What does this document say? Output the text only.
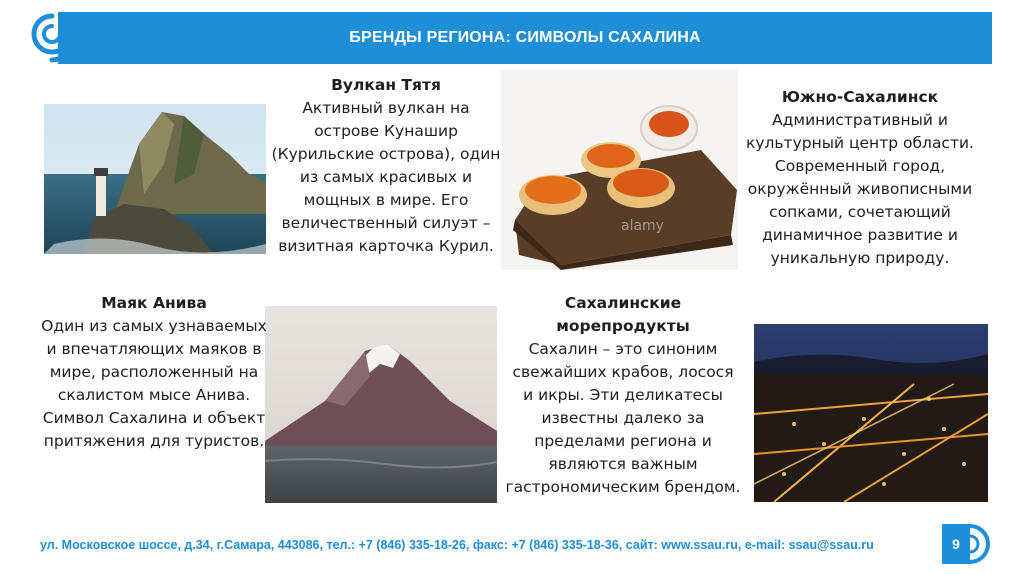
БРЕНДЫ РЕГИОНА: СИМВОЛЫ САХАЛИНА
alamy
Вулкан Тятя
Активный вулкан на острове Кунашир (Курильские острова), один из самых красивых и мощных в мире. Его величественный силуэт – визитная карточка Курил.
Маяк Анива
Один из самых узнаваемых и впечатляющих маяков в мире, расположенный на скалистом мысе Анива. Символ Сахалина и объект притяжения для туристов.
Сахалинские морепродукты
Сахалин – это синоним свежайших крабов, лосося и икры. Эти деликатесы известны далеко за пределами региона и являются важным гастрономическим брендом.
Южно-Сахалинск
Административный и культурный центр области. Современный город, окружённый живописными сопками, сочетающий динамичное развитие и уникальную природу.
ул. Московское шоссе, д.34, г.Самара, 443086, тел.: +7 (846) 335-18-26, факс: +7 (846) 335-18-36, сайт: www.ssau.ru, e-mail: ssau@ssau.ru	9
